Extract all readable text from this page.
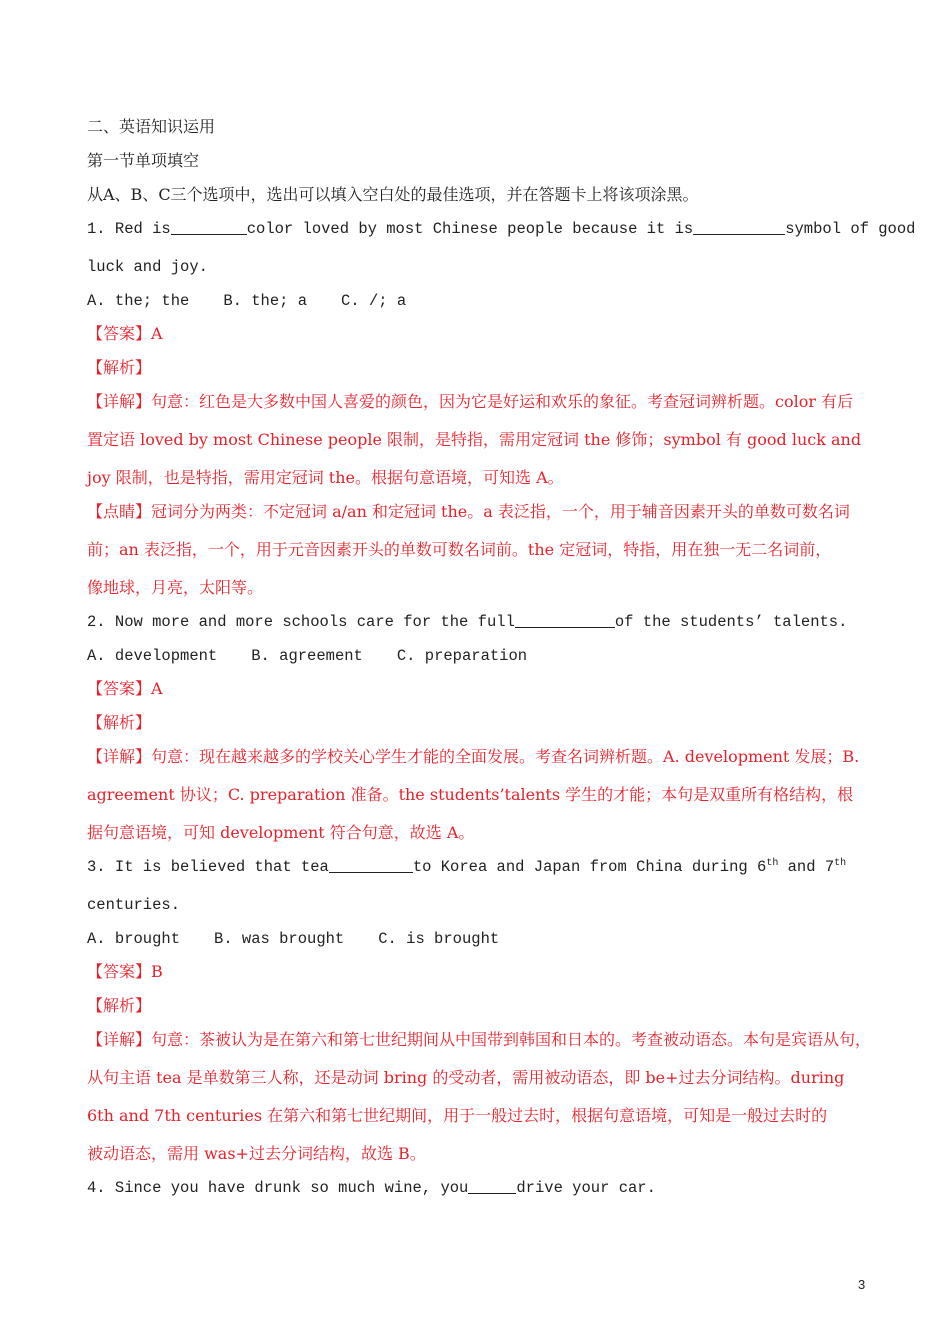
二、英语知识运用
第一节单项填空
从A、B、C三个选项中，选出可以填入空白处的最佳选项，并在答题卡上将该项涂黑。
1. Red is	color loved by most Chinese people because it is	symbol of good
luck and joy.
A. the; the B. the; a C. /; a
【答案】A
【解析】
【详解】句意：红色是大多数中国人喜爱的颜色，因为它是好运和欢乐的象征。考查冠词辨析题。color 有后
置定语 loved by most Chinese people 限制，是特指，需用定冠词 the 修饰；symbol 有 good luck and
joy 限制，也是特指，需用定冠词 the。根据句意语境，可知选 A。
【点睛】冠词分为两类：不定冠词 a/an 和定冠词 the。a 表泛指，一个，用于辅音因素开头的单数可数名词
前；an 表泛指，一个，用于元音因素开头的单数可数名词前。the 定冠词，特指，用在独一无二名词前，
像地球，月亮，太阳等。
2. Now more and more schools care for the full	of the students’ talents.
A. development B. agreement C. preparation
【答案】A
【解析】
【详解】句意：现在越来越多的学校关心学生才能的全面发展。考查名词辨析题。A. development 发展；B.
agreement 协议；C. preparation 准备。the students’talents 学生的才能；本句是双重所有格结构，根
据句意语境，可知 development 符合句意，故选 A。
3. It is believed that tea	to Korea and Japan from China during 6th and 7th
centuries.
A. brought B. was brought C. is brought
【答案】B
【解析】
【详解】句意：茶被认为是在第六和第七世纪期间从中国带到韩国和日本的。考查被动语态。本句是宾语从句，
从句主语 tea 是单数第三人称，还是动词 bring 的受动者，需用被动语态，即 be+过去分词结构。during
6th and 7th centuries 在第六和第七世纪期间，用于一般过去时，根据句意语境，可知是一般过去时的
被动语态，需用 was+过去分词结构，故选 B。
4. Since you have drunk so much wine, you	drive your car.
3
